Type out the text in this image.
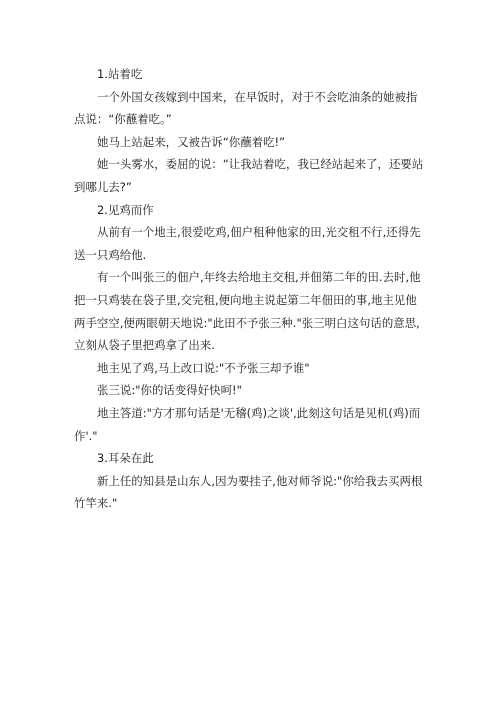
1.站着吃

一个外国女孩嫁到中国来，在早饭时，对于不会吃油条的她被指点说：“你蘸着吃。”

她马上站起来，又被告诉“你蘸着吃!”

她一头雾水，委屈的说：“让我站着吃，我已经站起来了，还要站到哪儿去?”

2.见鸡而作

从前有一个地主,很爱吃鸡,佃户租种他家的田,光交租不行,还得先送一只鸡给他.

有一个叫张三的佃户,年终去给地主交租,并佃第二年的田.去时,他把一只鸡装在袋子里,交完租,便向地主说起第二年佃田的事,地主见他两手空空,便两眼朝天地说:"此田不予张三种."张三明白这句话的意思,立刻从袋子里把鸡拿了出来.

地主见了鸡,马上改口说:"不予张三却予谁"

张三说:"你的话变得好快呵!"

地主答道:"方才那句话是'无稽(鸡)之谈',此刻这句话是见机(鸡)而作'."

3.耳朵在此

新上任的知县是山东人,因为要挂子,他对师爷说:"你给我去买两根竹竿来."
